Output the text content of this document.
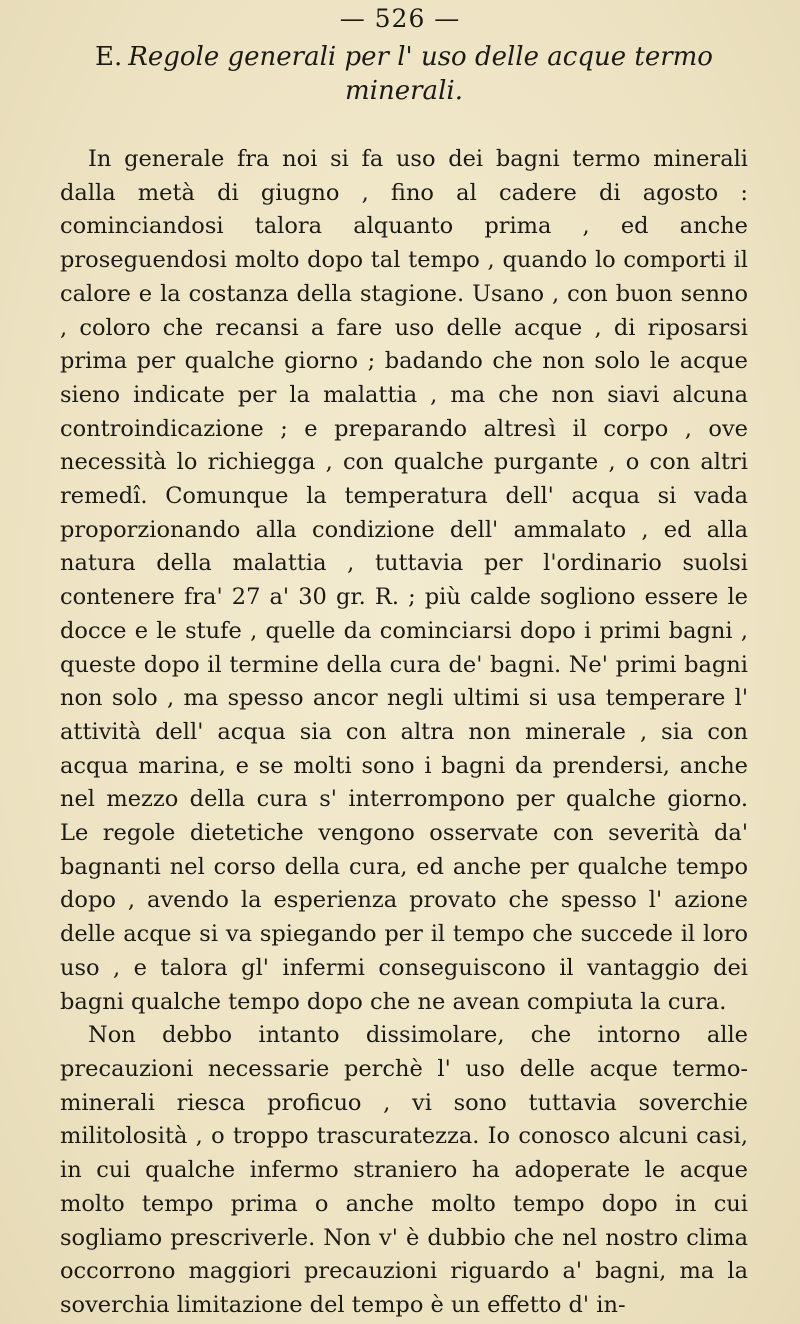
— 526 —
E. Regole generali per l' uso delle acque termo minerali.

In generale fra noi si fa uso dei bagni termo minerali dalla metà di giugno , fino al cadere di agosto : cominciandosi talora alquanto prima , ed anche proseguendosi molto dopo tal tempo , quando lo comporti il calore e la costanza della stagione. Usano , con buon senno , coloro che recansi a fare uso delle acque , di riposarsi prima per qualche giorno ; badando che non solo le acque sieno indicate per la malattia , ma che non siavi alcuna controindicazione ; e preparando altresì il corpo , ove necessità lo richiegga , con qualche purgante , o con altri remedî. Comunque la temperatura dell' acqua si vada proporzionando alla condizione dell' ammalato , ed alla natura della malattia , tuttavia per l'ordinario suolsi contenere fra' 27 a' 30 gr. R. ; più calde sogliono essere le docce e le stufe , quelle da cominciarsi dopo i primi bagni , queste dopo il termine della cura de' bagni. Ne' primi bagni non solo , ma spesso ancor negli ultimi si usa temperare l' attività dell' acqua sia con altra non minerale , sia con acqua marina, e se molti sono i bagni da prendersi, anche nel mezzo della cura s' interrompono per qualche giorno. Le regole dietetiche vengono osservate con severità da' bagnanti nel corso della cura, ed anche per qualche tempo dopo , avendo la esperienza provato che spesso l' azione delle acque si va spiegando per il tempo che succede il loro uso , e talora gl' infermi conseguiscono il vantaggio dei bagni qualche tempo dopo che ne avean compiuta la cura.

Non debbo intanto dissimolare, che intorno alle precauzioni necessarie perchè l' uso delle acque termo-minerali riesca proficuo , vi sono tuttavia soverchie militolosità , o troppo trascuratezza. Io conosco alcuni casi, in cui qualche infermo straniero ha adoperate le acque molto tempo prima o anche molto tempo dopo in cui sogliamo prescriverle. Non v' è dubbio che nel nostro clima occorrono maggiori precauzioni riguardo a' bagni, ma la soverchia limitazione del tempo è un effetto d' in-
